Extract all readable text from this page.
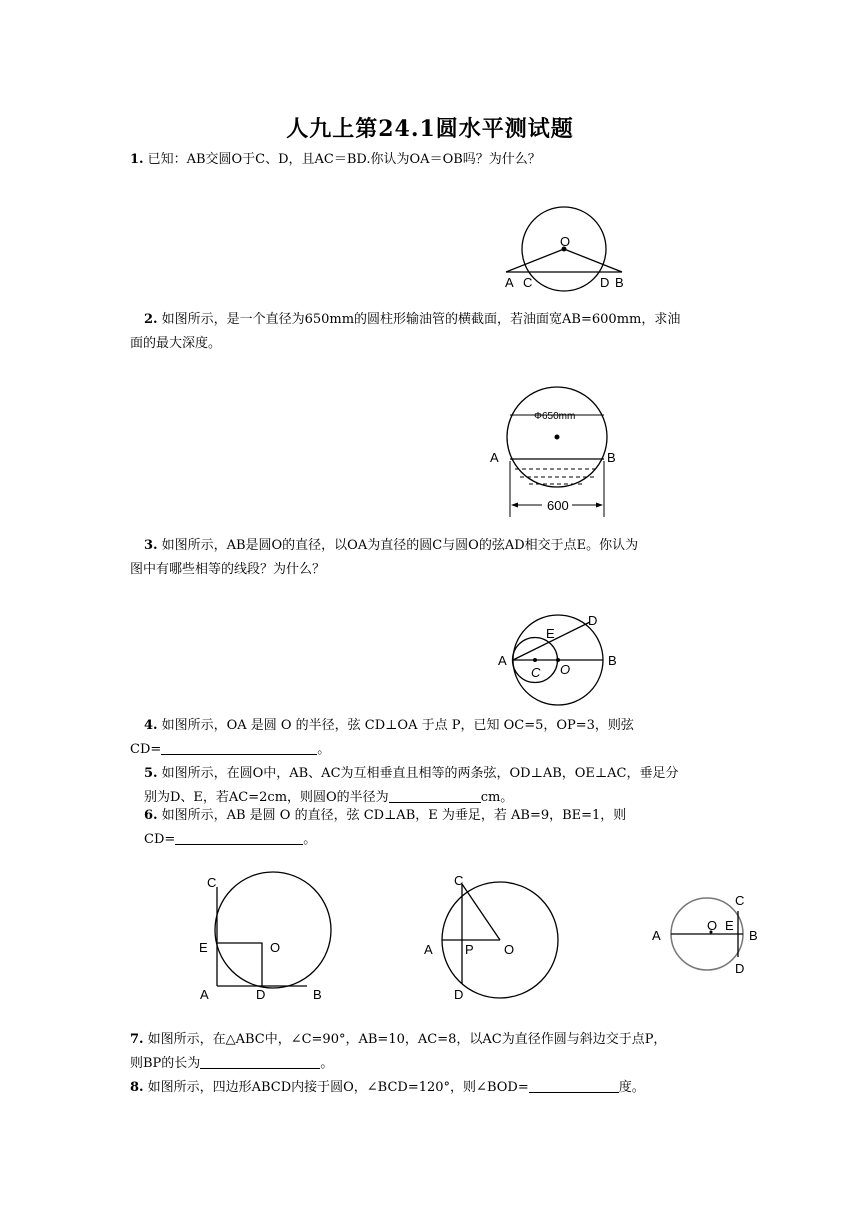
人九上第24.1圆水平测试题
1. 已知：AB交圆O于C、D，且AC＝BD.你认为OA＝OB吗？为什么？
O
A C	D B
2. 如图所示，是一个直径为650mm的圆柱形输油管的横截面，若油面宽AB=600mm，求油
面的最大深度。
Φ650mm
A	B
600
3. 如图所示，AB是圆O的直径，以OA为直径的圆C与圆O的弦AD相交于点E。你认为
图中有哪些相等的线段？为什么？
A	B
C O
D
E
4. 如图所示，OA 是圆 O 的半径，弦 CD⊥OA 于点 P，已知 OC=5，OP=3，则弦
CD=	。
5. 如图所示，在圆O中，AB、AC为互相垂直且相等的两条弦，OD⊥AB，OE⊥AC，垂足分
别为D、E，若AC=2cm，则圆O的半径为	cm。
6. 如图所示，AB 是圆 O 的直径，弦 CD⊥AB，E 为垂足，若 AB=9，BE=1，则
CD=	。
C
E	O
A	D	B
C
A P O
D
A
O E
B
C
D
7. 如图所示，在△ABC中，∠C=90°，AB=10，AC=8，以AC为直径作圆与斜边交于点P，
则BP的长为	。
8. 如图所示，四边形ABCD内接于圆O，∠BCD=120°，则∠BOD=	度。
